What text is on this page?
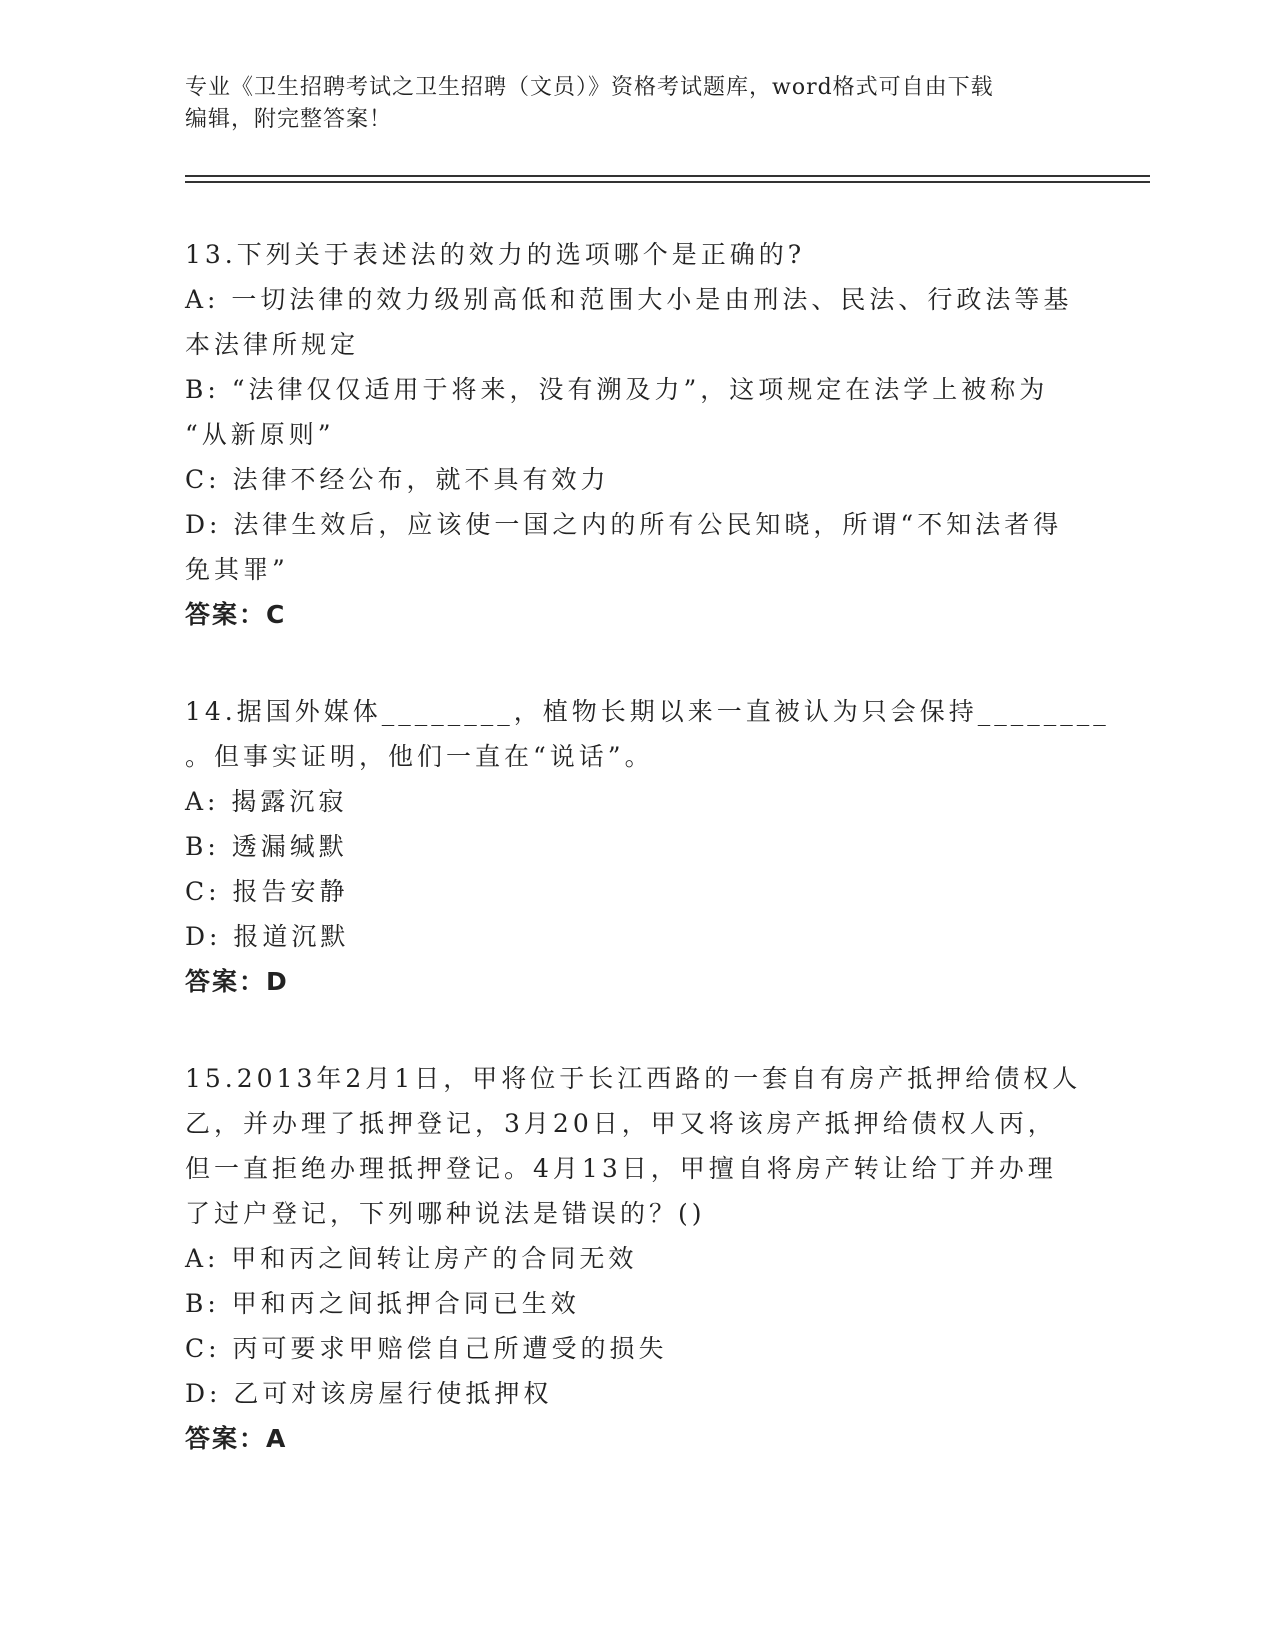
专业《卫生招聘考试之卫生招聘（文员）》资格考试题库，word格式可自由下载
编辑，附完整答案！
13.下列关于表述法的效力的选项哪个是正确的?
A: 一切法律的效力级别高低和范围大小是由刑法、民法、行政法等基
本法律所规定
B: “法律仅仅适用于将来，没有溯及力”，这项规定在法学上被称为
“从新原则”
C: 法律不经公布，就不具有效力
D: 法律生效后，应该使一国之内的所有公民知晓，所谓“不知法者得
免其罪”
答案：C
14.据国外媒体________，植物长期以来一直被认为只会保持________
。但事实证明，他们一直在“说话”。
A: 揭露沉寂
B: 透漏缄默
C: 报告安静
D: 报道沉默
答案：D
15.2013年2月1日，甲将位于长江西路的一套自有房产抵押给债权人
乙，并办理了抵押登记，3月20日，甲又将该房产抵押给债权人丙，
但一直拒绝办理抵押登记。4月13日，甲擅自将房产转让给丁并办理
了过户登记，下列哪种说法是错误的？()
A: 甲和丙之间转让房产的合同无效
B: 甲和丙之间抵押合同已生效
C: 丙可要求甲赔偿自己所遭受的损失
D: 乙可对该房屋行使抵押权
答案：A
